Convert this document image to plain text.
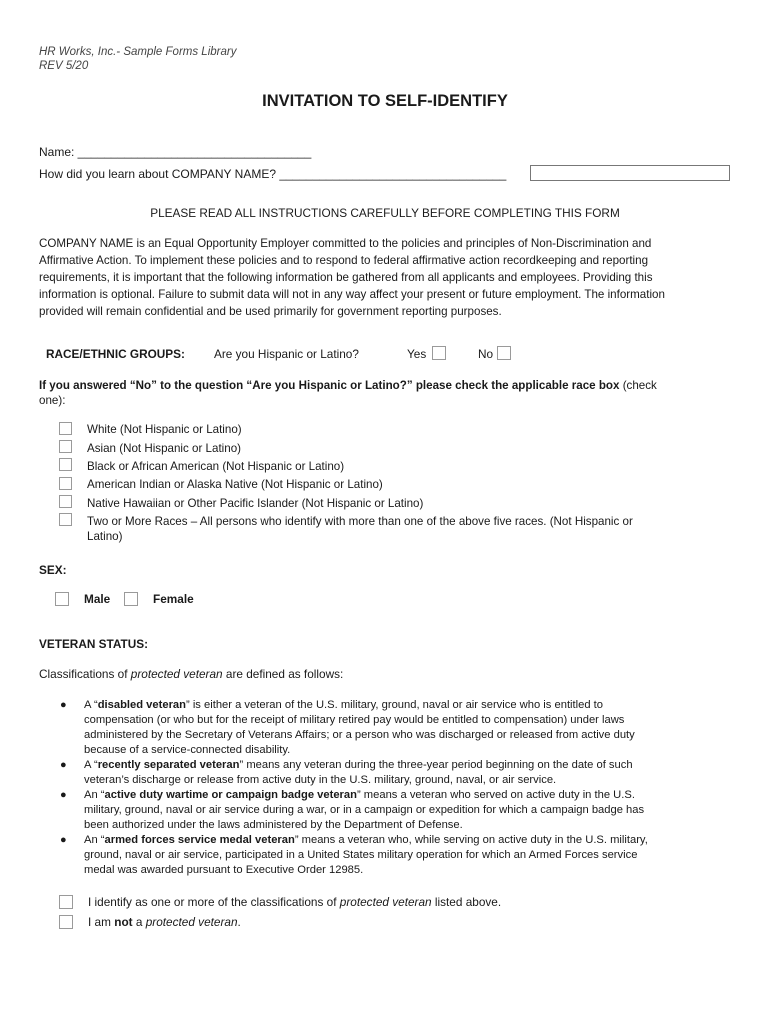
HR Works, Inc.- Sample Forms Library
REV 5/20
INVITATION TO SELF-IDENTIFY
Name: ___________________________________
How did you learn about COMPANY NAME? __________________________________
PLEASE READ ALL INSTRUCTIONS CAREFULLY BEFORE COMPLETING THIS FORM
COMPANY NAME is an Equal Opportunity Employer committed to the policies and principles of Non-Discrimination and
Affirmative Action. To implement these policies and to respond to federal affirmative action recordkeeping and reporting
requirements, it is important that the following information be gathered from all applicants and employees. Providing this
information is optional. Failure to submit data will not in any way affect your present or future employment. The information
provided will remain confidential and be used primarily for government reporting purposes.
RACE/ETHNIC GROUPS: Are you Hispanic or Latino?	Yes	No
If you answered “No” to the question “Are you Hispanic or Latino?” please check the applicable race box (check
one):
White (Not Hispanic or Latino)
Asian (Not Hispanic or Latino)
Black or African American (Not Hispanic or Latino)
American Indian or Alaska Native (Not Hispanic or Latino)
Native Hawaiian or Other Pacific Islander (Not Hispanic or Latino)
Two or More Races – All persons who identify with more than one of the above five races. (Not Hispanic or
Latino)
SEX:
Male	Female
VETERAN STATUS:
Classifications of protected veteran are defined as follows:
● A “disabled veteran” is either a veteran of the U.S. military, ground, naval or air service who is entitled to
compensation (or who but for the receipt of military retired pay would be entitled to compensation) under laws
administered by the Secretary of Veterans Affairs; or a person who was discharged or released from active duty
because of a service-connected disability.
● A “recently separated veteran” means any veteran during the three-year period beginning on the date of such
veteran’s discharge or release from active duty in the U.S. military, ground, naval, or air service.
● An “active duty wartime or campaign badge veteran” means a veteran who served on active duty in the U.S.
military, ground, naval or air service during a war, or in a campaign or expedition for which a campaign badge has
been authorized under the laws administered by the Department of Defense.
● An “armed forces service medal veteran” means a veteran who, while serving on active duty in the U.S. military,
ground, naval or air service, participated in a United States military operation for which an Armed Forces service
medal was awarded pursuant to Executive Order 12985.
I identify as one or more of the classifications of protected veteran listed above.
I am not a protected veteran.
